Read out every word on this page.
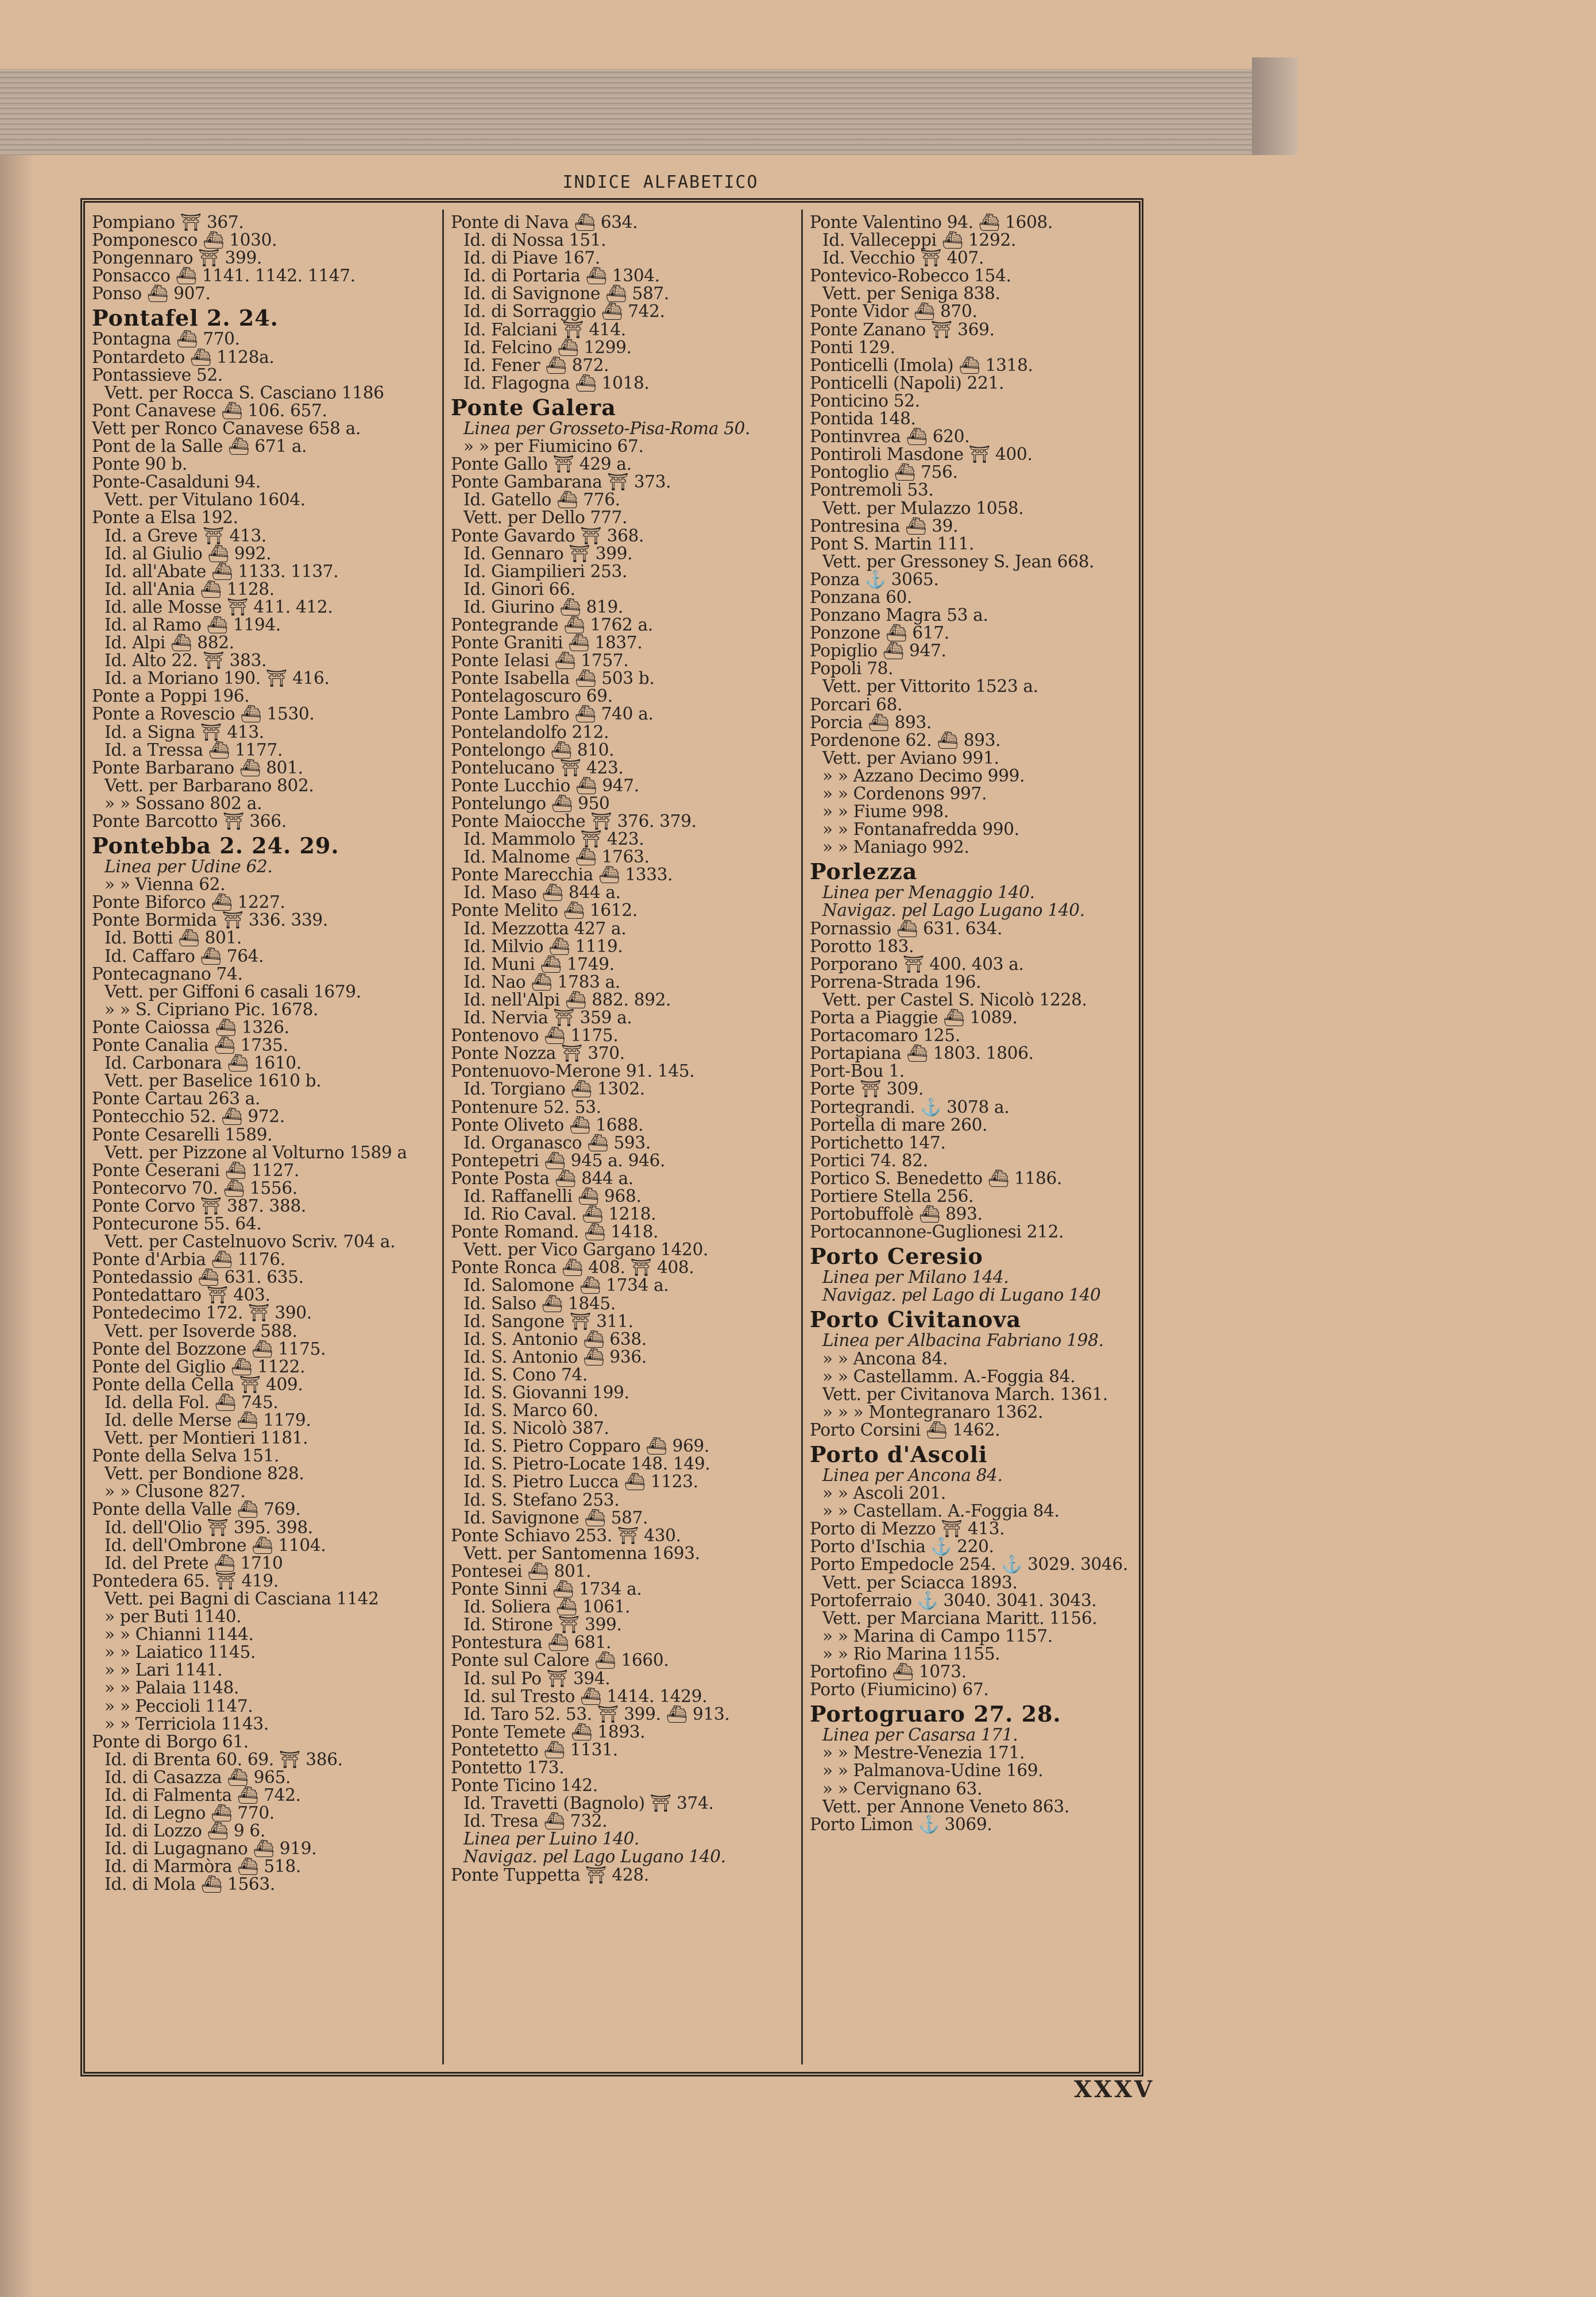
INDICE ALFABETICO
Pompiano ⛩ 367.
Pomponesco ⛴ 1030.
Pongennaro ⛩ 399.
Ponsacco ⛴ 1141. 1142. 1147.
Ponso ⛴ 907.
Pontafel 2. 24.
Pontagna ⛴ 770.
Pontardeto ⛴ 1128a.
Pontassieve 52.
Vett. per Rocca S. Casciano 1186
Pont Canavese ⛴ 106. 657.
Vett per Ronco Canavese 658 a.
Pont de la Salle ⛴ 671 a.
Ponte 90 b.
Ponte-Casalduni 94.
Vett. per Vitulano 1604.
Ponte a Elsa 192.
Id. a Greve ⛩ 413.
Id. al Giulio ⛴ 992.
Id. all'Abate ⛴ 1133. 1137.
Id. all'Ania ⛴ 1128.
Id. alle Mosse ⛩ 411. 412.
Id. al Ramo ⛴ 1194.
Id. Alpi ⛴ 882.
Id. Alto 22. ⛩ 383.
Id. a Moriano 190. ⛩ 416.
Ponte a Poppi 196.
Ponte a Rovescio ⛴ 1530.
Id. a Signa ⛩ 413.
Id. a Tressa ⛴ 1177.
Ponte Barbarano ⛴ 801.
Vett. per Barbarano 802.
» » Sossano 802 a.
Ponte Barcotto ⛩ 366.
Pontebba 2. 24. 29.
Linea per Udine 62.
» » Vienna 62.
Ponte Biforco ⛴ 1227.
Ponte Bormida ⛩ 336. 339.
Id. Botti ⛴ 801.
Id. Caffaro ⛴ 764.
Pontecagnano 74.
Vett. per Giffoni 6 casali 1679.
» » S. Cipriano Pic. 1678.
Ponte Caiossa ⛴ 1326.
Ponte Canalia ⛴ 1735.
Id. Carbonara ⛴ 1610.
Vett. per Baselice 1610 b.
Ponte Cartau 263 a.
Pontecchio 52. ⛴ 972.
Ponte Cesarelli 1589.
Vett. per Pizzone al Volturno 1589 a
Ponte Ceserani ⛴ 1127.
Pontecorvo 70. ⛴ 1556.
Ponte Corvo ⛩ 387. 388.
Pontecurone 55. 64.
Vett. per Castelnuovo Scriv. 704 a.
Ponte d'Arbia ⛴ 1176.
Pontedassio ⛴ 631. 635.
Pontedattaro ⛩ 403.
Pontedecimo 172. ⛩ 390.
Vett. per Isoverde 588.
Ponte del Bozzone ⛴ 1175.
Ponte del Giglio ⛴ 1122.
Ponte della Cella ⛩ 409.
Id. della Fol. ⛴ 745.
Id. delle Merse ⛴ 1179.
Vett. per Montieri 1181.
Ponte della Selva 151.
Vett. per Bondione 828.
» » Clusone 827.
Ponte della Valle ⛴ 769.
Id. dell'Olio ⛩ 395. 398.
Id. dell'Ombrone ⛴ 1104.
Id. del Prete ⛴ 1710
Pontedera 65. ⛩ 419.
Vett. pei Bagni di Casciana 1142
» per Buti 1140.
» » Chianni 1144.
» » Laiatico 1145.
» » Lari 1141.
» » Palaia 1148.
» » Peccioli 1147.
» » Terriciola 1143.
Ponte di Borgo 61.
Id. di Brenta 60. 69. ⛩ 386.
Id. di Casazza ⛴ 965.
Id. di Falmenta ⛴ 742.
Id. di Legno ⛴ 770.
Id. di Lozzo ⛴ 9 6.
Id. di Lugagnano ⛴ 919.
Id. di Marmòra ⛴ 518.
Id. di Mola ⛴ 1563.
Ponte di Nava ⛴ 634.
Id. di Nossa 151.
Id. di Piave 167.
Id. di Portaria ⛴ 1304.
Id. di Savignone ⛴ 587.
Id. di Sorraggio ⛴ 742.
Id. Falciani ⛩ 414.
Id. Felcino ⛴ 1299.
Id. Fener ⛴ 872.
Id. Flagogna ⛴ 1018.
Ponte Galera
Linea per Grosseto-Pisa-Roma 50.
» » per Fiumicino 67.
Ponte Gallo ⛩ 429 a.
Ponte Gambarana ⛩ 373.
Id. Gatello ⛴ 776.
Vett. per Dello 777.
Ponte Gavardo ⛩ 368.
Id. Gennaro ⛩ 399.
Id. Giampilieri 253.
Id. Ginori 66.
Id. Giurino ⛴ 819.
Pontegrande ⛴ 1762 a.
Ponte Graniti ⛴ 1837.
Ponte Ielasi ⛴ 1757.
Ponte Isabella ⛴ 503 b.
Pontelagoscuro 69.
Ponte Lambro ⛴ 740 a.
Pontelandolfo 212.
Pontelongo ⛴ 810.
Pontelucano ⛩ 423.
Ponte Lucchio ⛴ 947.
Pontelungo ⛴ 950
Ponte Maiocche ⛩ 376. 379.
Id. Mammolo ⛩ 423.
Id. Malnome ⛴ 1763.
Ponte Marecchia ⛴ 1333.
Id. Maso ⛴ 844 a.
Ponte Melito ⛴ 1612.
Id. Mezzotta 427 a.
Id. Milvio ⛴ 1119.
Id. Muni ⛴ 1749.
Id. Nao ⛴ 1783 a.
Id. nell'Alpi ⛴ 882. 892.
Id. Nervia ⛩ 359 a.
Pontenovo ⛴ 1175.
Ponte Nozza ⛩ 370.
Pontenuovo-Merone 91. 145.
Id. Torgiano ⛴ 1302.
Pontenure 52. 53.
Ponte Oliveto ⛴ 1688.
Id. Organasco ⛴ 593.
Pontepetri ⛴ 945 a. 946.
Ponte Posta ⛴ 844 a.
Id. Raffanelli ⛴ 968.
Id. Rio Caval. ⛴ 1218.
Ponte Romand. ⛴ 1418.
Vett. per Vico Gargano 1420.
Ponte Ronca ⛴ 408. ⛩ 408.
Id. Salomone ⛴ 1734 a.
Id. Salso ⛴ 1845.
Id. Sangone ⛩ 311.
Id. S. Antonio ⛴ 638.
Id. S. Antonio ⛴ 936.
Id. S. Cono 74.
Id. S. Giovanni 199.
Id. S. Marco 60.
Id. S. Nicolò 387.
Id. S. Pietro Copparo ⛴ 969.
Id. S. Pietro-Locate 148. 149.
Id. S. Pietro Lucca ⛴ 1123.
Id. S. Stefano 253.
Id. Savignone ⛴ 587.
Ponte Schiavo 253. ⛩ 430.
Vett. per Santomenna 1693.
Pontesei ⛴ 801.
Ponte Sinni ⛴ 1734 a.
Id. Soliera ⛴ 1061.
Id. Stirone ⛩ 399.
Pontestura ⛴ 681.
Ponte sul Calore ⛴ 1660.
Id. sul Po ⛩ 394.
Id. sul Tresto ⛴ 1414. 1429.
Id. Taro 52. 53. ⛩ 399. ⛴ 913.
Ponte Temete ⛴ 1893.
Pontetetto ⛴ 1131.
Pontetto 173.
Ponte Ticino 142.
Id. Travetti (Bagnolo) ⛩ 374.
Id. Tresa ⛴ 732.
Linea per Luino 140.
Navigaz. pel Lago Lugano 140.
Ponte Tuppetta ⛩ 428.
Ponte Valentino 94. ⛴ 1608.
Id. Valleceppi ⛴ 1292.
Id. Vecchio ⛩ 407.
Pontevico-Robecco 154.
Vett. per Seniga 838.
Ponte Vidor ⛴ 870.
Ponte Zanano ⛩ 369.
Ponti 129.
Ponticelli (Imola) ⛴ 1318.
Ponticelli (Napoli) 221.
Ponticino 52.
Pontida 148.
Pontinvrea ⛴ 620.
Pontiroli Masdone ⛩ 400.
Pontoglio ⛴ 756.
Pontremoli 53.
Vett. per Mulazzo 1058.
Pontresina ⛴ 39.
Pont S. Martin 111.
Vett. per Gressoney S. Jean 668.
Ponza ⚓ 3065.
Ponzana 60.
Ponzano Magra 53 a.
Ponzone ⛴ 617.
Popiglio ⛴ 947.
Popoli 78.
Vett. per Vittorito 1523 a.
Porcari 68.
Porcia ⛴ 893.
Pordenone 62. ⛴ 893.
Vett. per Aviano 991.
» » Azzano Decimo 999.
» » Cordenons 997.
» » Fiume 998.
» » Fontanafredda 990.
» » Maniago 992.
Porlezza
Linea per Menaggio 140.
Navigaz. pel Lago Lugano 140.
Pornassio ⛴ 631. 634.
Porotto 183.
Porporano ⛩ 400. 403 a.
Porrena-Strada 196.
Vett. per Castel S. Nicolò 1228.
Porta a Piaggie ⛴ 1089.
Portacomaro 125.
Portapiana ⛴ 1803. 1806.
Port-Bou 1.
Porte ⛩ 309.
Portegrandi. ⚓ 3078 a.
Portella di mare 260.
Portichetto 147.
Portici 74. 82.
Portico S. Benedetto ⛴ 1186.
Portiere Stella 256.
Portobuffolè ⛴ 893.
Portocannone-Guglionesi 212.
Porto Ceresio
Linea per Milano 144.
Navigaz. pel Lago di Lugano 140
Porto Civitanova
Linea per Albacina Fabriano 198.
» » Ancona 84.
» » Castellamm. A.-Foggia 84.
Vett. per Civitanova March. 1361.
» » » Montegranaro 1362.
Porto Corsini ⛴ 1462.
Porto d'Ascoli
Linea per Ancona 84.
» » Ascoli 201.
» » Castellam. A.-Foggia 84.
Porto di Mezzo ⛩ 413.
Porto d'Ischia ⚓ 220.
Porto Empedocle 254. ⚓ 3029. 3046.
Vett. per Sciacca 1893.
Portoferraio ⚓ 3040. 3041. 3043.
Vett. per Marciana Maritt. 1156.
» » Marina di Campo 1157.
» » Rio Marina 1155.
Portofino ⛴ 1073.
Porto (Fiumicino) 67.
Portogruaro 27. 28.
Linea per Casarsa 171.
» » Mestre-Venezia 171.
» » Palmanova-Udine 169.
» » Cervignano 63.
Vett. per Annone Veneto 863.
Porto Limon ⚓ 3069.
XXXV
